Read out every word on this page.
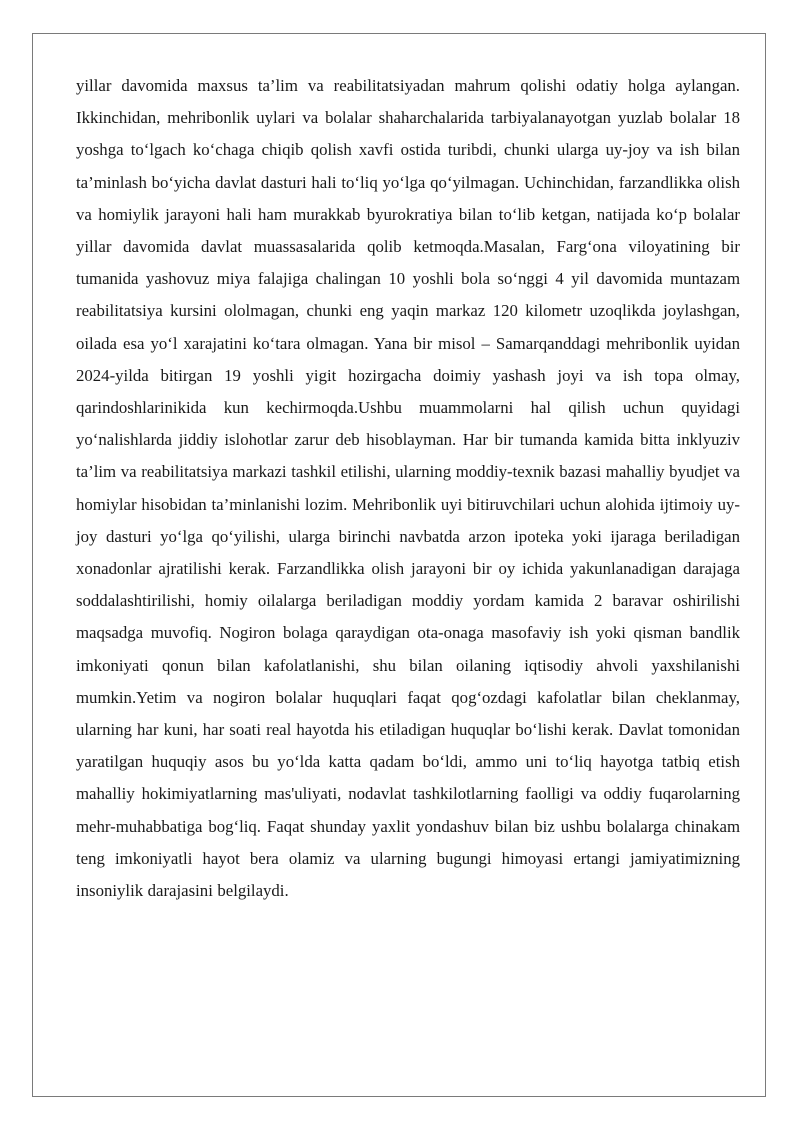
yillar davomida maxsus ta’lim va reabilitatsiyadan mahrum qolishi odatiy holga aylangan. Ikkinchidan, mehribonlik uylari va bolalar shaharchalarida tarbiyalanayotgan yuzlab bolalar 18 yoshga to‘lgach ko‘chaga chiqib qolish xavfi ostida turibdi, chunki ularga uy-joy va ish bilan ta’minlash bo‘yicha davlat dasturi hali to‘liq yo‘lga qo‘yilmagan. Uchinchidan, farzandlikka olish va homiylik jarayoni hali ham murakkab byurokratiya bilan to‘lib ketgan, natijada ko‘p bolalar yillar davomida davlat muassasalarida qolib ketmoqda.Masalan, Farg‘ona viloyatining bir tumanida yashovuz miya falajiga chalingan 10 yoshli bola so‘nggi 4 yil davomida muntazam reabilitatsiya kursini ololmagan, chunki eng yaqin markaz 120 kilometr uzoqlikda joylashgan, oilada esa yo‘l xarajatini ko‘tara olmagan. Yana bir misol – Samarqanddagi mehribonlik uyidan 2024-yilda bitirgan 19 yoshli yigit hozirgacha doimiy yashash joyi va ish topa olmay, qarindoshlarinikida kun kechirmoqda.Ushbu muammolarni hal qilish uchun quyidagi yo‘nalishlarda jiddiy islohotlar zarur deb hisoblayman. Har bir tumanda kamida bitta inklyuziv ta’lim va reabilitatsiya markazi tashkil etilishi, ularning moddiy-texnik bazasi mahalliy byudjet va homiylar hisobidan ta’minlanishi lozim. Mehribonlik uyi bitiruvchilari uchun alohida ijtimoiy uy-joy dasturi yo‘lga qo‘yilishi, ularga birinchi navbatda arzon ipoteka yoki ijaraga beriladigan xonadonlar ajratilishi kerak. Farzandlikka olish jarayoni bir oy ichida yakunlanadigan darajaga soddalashtirilishi, homiy oilalarga beriladigan moddiy yordam kamida 2 baravar oshirilishi maqsadga muvofiq. Nogiron bolaga qaraydigan ota-onaga masofaviy ish yoki qisman bandlik imkoniyati qonun bilan kafolatlanishi, shu bilan oilaning iqtisodiy ahvoli yaxshilanishi mumkin.Yetim va nogiron bolalar huquqlari faqat qog‘ozdagi kafolatlar bilan cheklanmay, ularning har kuni, har soati real hayotda his etiladigan huquqlar bo‘lishi kerak. Davlat tomonidan yaratilgan huquqiy asos bu yo‘lda katta qadam bo‘ldi, ammo uni to‘liq hayotga tatbiq etish mahalliy hokimiyatlarning mas'uliyati, nodavlat tashkilotlarning faolligi va oddiy fuqarolarning mehr-muhabbatiga bog‘liq. Faqat shunday yaxlit yondashuv bilan biz ushbu bolalarga chinakam teng imkoniyatli hayot bera olamiz va ularning bugungi himoyasi ertangi jamiyatimizning insoniylik darajasini belgilaydi.
